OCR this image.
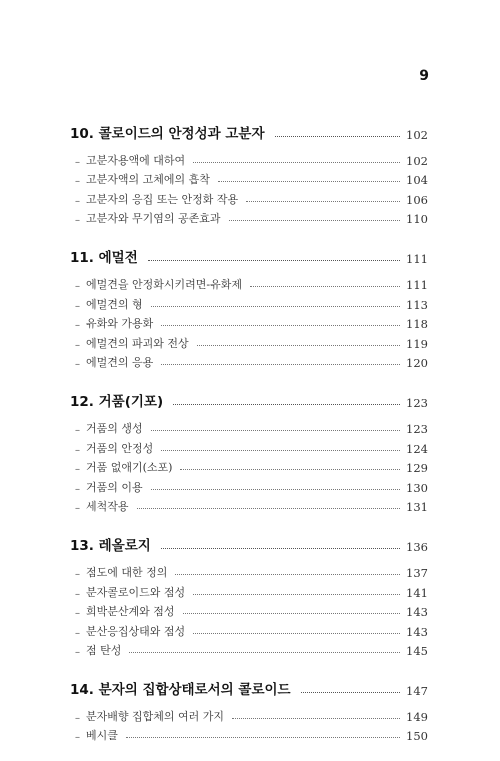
9
10. 콜로이드의 안정성과 고분자	102
– 고분자용액에 대하여	102
– 고분자액의 고체에의 흡착	104
– 고분자의 응집 또는 안정화 작용	106
– 고분자와 무기염의 공존효과	110
11. 에멀전	111
– 에멀견을 안정화시키려면-유화제	111
– 에멀견의 형	113
– 유화와 가용화	118
– 에멀견의 파괴와 전상	119
– 에멀견의 응용	120
12. 거품(기포)	123
– 거품의 생성	123
– 거품의 안정성	124
– 거품 없애기(소포)	129
– 거품의 이용	130
– 세척작용	131
13. 레올로지	136
– 점도에 대한 정의	137
– 분자콜로이드와 점성	141
– 희박분산계와 점성	143
– 분산응집상태와 점성	143
– 점 탄성	145
14. 분자의 집합상태로서의 콜로이드	147
– 분자배향 집합체의 여러 가지	149
– 베시클	150
